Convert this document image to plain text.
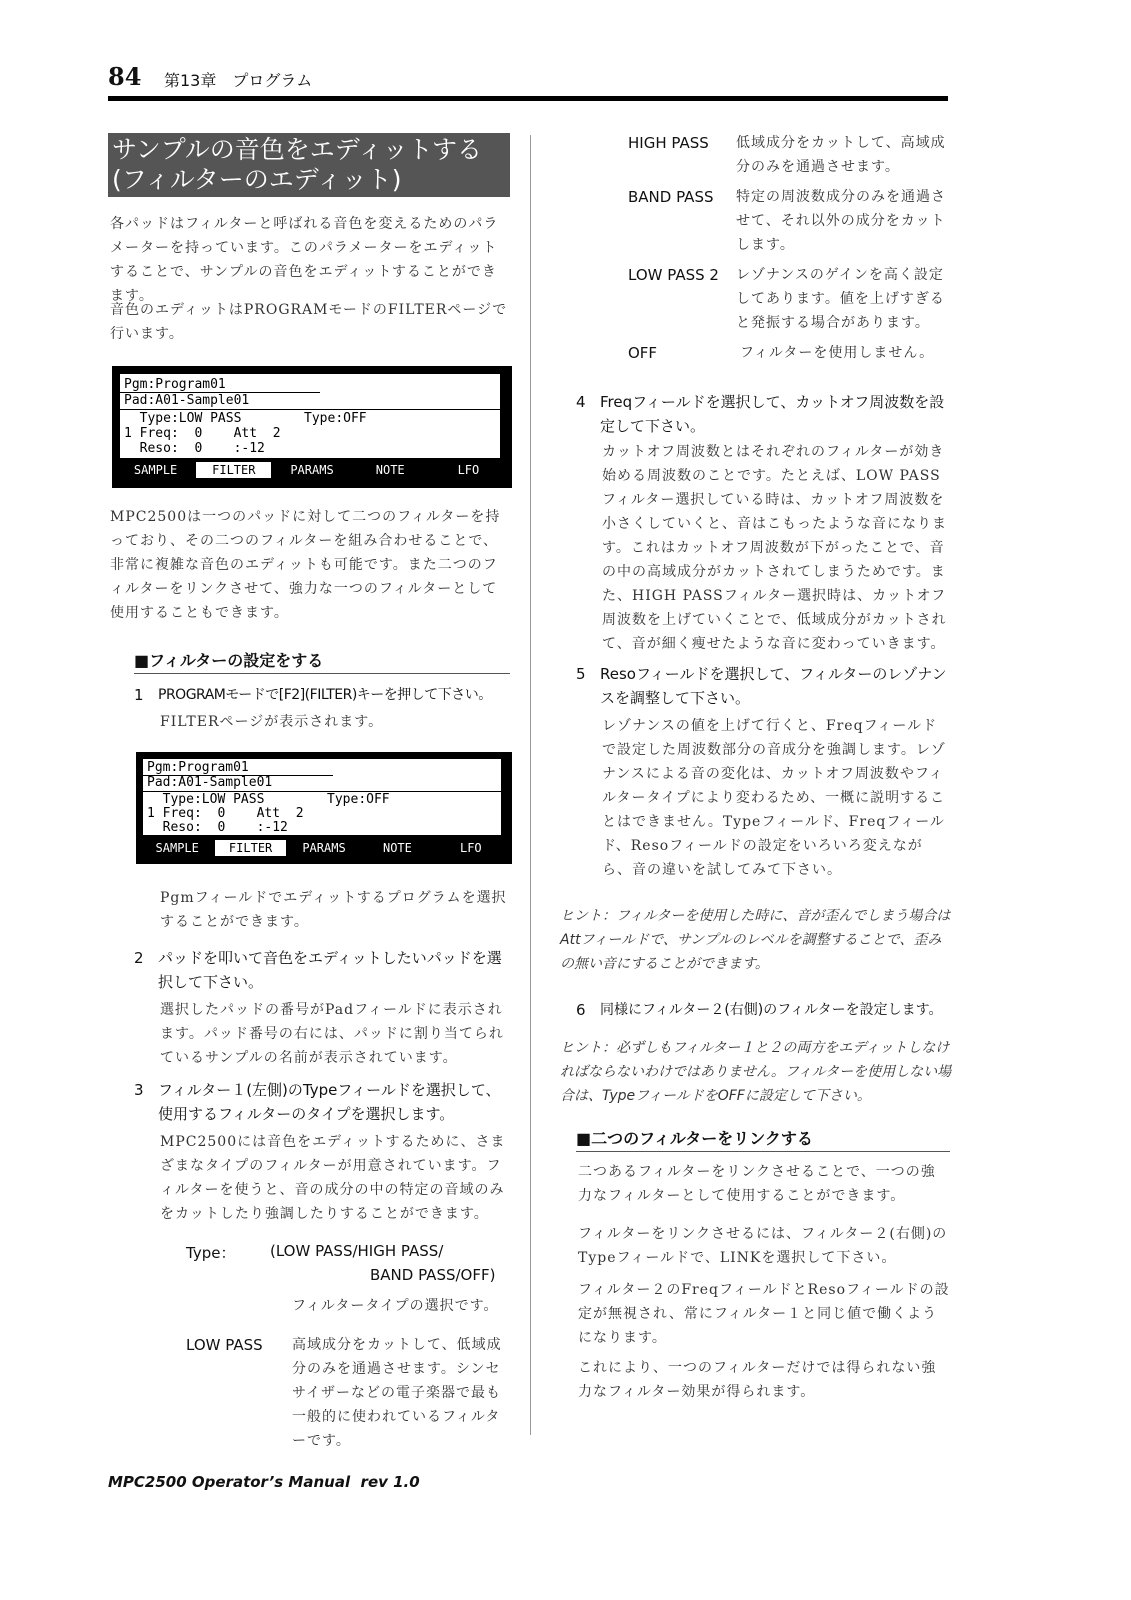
84 第13章　プログラム
サンプルの音色をエディットする
(フィルターのエディット)
各パッドはフィルターと呼ばれる音色を変えるためのパラメーターを持っています。このパラメーターをエディットすることで、サンプルの音色をエディットすることができます。
音色のエディットはPROGRAMモードのFILTERページで行います。
Pgm:Program01
Pad:A01-Sample01
Type:LOW PASS        Type:OFF
1 Freq:  0    Att  2
Reso:  0    :-12
SAMPLE	FILTER	PARAMS	NOTE	LFO
MPC2500は一つのパッドに対して二つのフィルターを持っており、その二つのフィルターを組み合わせることで、非常に複雑な音色のエディットも可能です。また二つのフィルターをリンクさせて、強力な一つのフィルターとして使用することもできます。
■フィルターの設定をする
1	PROGRAMモードで[F2](FILTER)キーを押して下さい。
FILTERページが表示されます。
Pgm:Program01
Pad:A01-Sample01
Type:LOW PASS        Type:OFF
1 Freq:  0    Att  2
Reso:  0    :-12
SAMPLE	FILTER	PARAMS	NOTE	LFO
Pgmフィールドでエディットするプログラムを選択することができます。
2 パッドを叩いて音色をエディットしたいパッドを選択して下さい。
選択したパッドの番号がPadフィールドに表示されます。パッド番号の右には、パッドに割り当てられているサンプルの名前が表示されています。
3 フィルター１(左側)のTypeフィールドを選択して、使用するフィルターのタイプを選択します。
MPC2500には音色をエディットするために、さまざまなタイプのフィルターが用意されています。フィルターを使うと、音の成分の中の特定の音域のみをカットしたり強調したりすることができます。
Type： (LOW PASS/HIGH PASS/
BAND PASS/OFF)
フィルタータイプの選択です。
LOW PASS 高域成分をカットして、低域成分のみを通過させます。シンセサイザーなどの電子楽器で最も一般的に使われているフィルターです。
HIGH PASS 低域成分をカットして、高域成分のみを通過させます。
BAND PASS 特定の周波数成分のみを通過させて、それ以外の成分をカットします。
LOW PASS 2 レゾナンスのゲインを高く設定してあります。値を上げすぎると発振する場合があります。
OFF	フィルターを使用しません。
4 Freqフィールドを選択して、カットオフ周波数を設定して下さい。
カットオフ周波数とはそれぞれのフィルターが効き始める周波数のことです。たとえば、LOW PASSフィルター選択している時は、カットオフ周波数を小さくしていくと、音はこもったような音になります。これはカットオフ周波数が下がったことで、音の中の高域成分がカットされてしまうためです。また、HIGH PASSフィルター選択時は、カットオフ周波数を上げていくことで、低域成分がカットされて、音が細く痩せたような音に変わっていきます。
5 Resoフィールドを選択して、フィルターのレゾナンスを調整して下さい。
レゾナンスの値を上げて行くと、Freqフィールドで設定した周波数部分の音成分を強調します。レゾナンスによる音の変化は、カットオフ周波数やフィルタータイプにより変わるため、一概に説明することはできません。Typeフィールド、Freqフィールド、Resoフィールドの設定をいろいろ変えながら、音の違いを試してみて下さい。
ヒント：フィルターを使用した時に、音が歪んでしまう場合はAttフィールドで、サンプルのレベルを調整することで、歪みの無い音にすることができます。
6	同様にフィルター２(右側)のフィルターを設定します。
ヒント：必ずしもフィルター１と２の両方をエディットしなければならないわけではありません。フィルターを使用しない場合は、TypeフィールドをOFFに設定して下さい。
■二つのフィルターをリンクする
二つあるフィルターをリンクさせることで、一つの強力なフィルターとして使用することができます。
フィルターをリンクさせるには、フィルター２(右側)のTypeフィールドで、LINKを選択して下さい。
フィルター２のFreqフィールドとResoフィールドの設定が無視され、常にフィルター１と同じ値で働くようになります。
これにより、一つのフィルターだけでは得られない強力なフィルター効果が得られます。
MPC2500 Operator’s Manual  rev 1.0
